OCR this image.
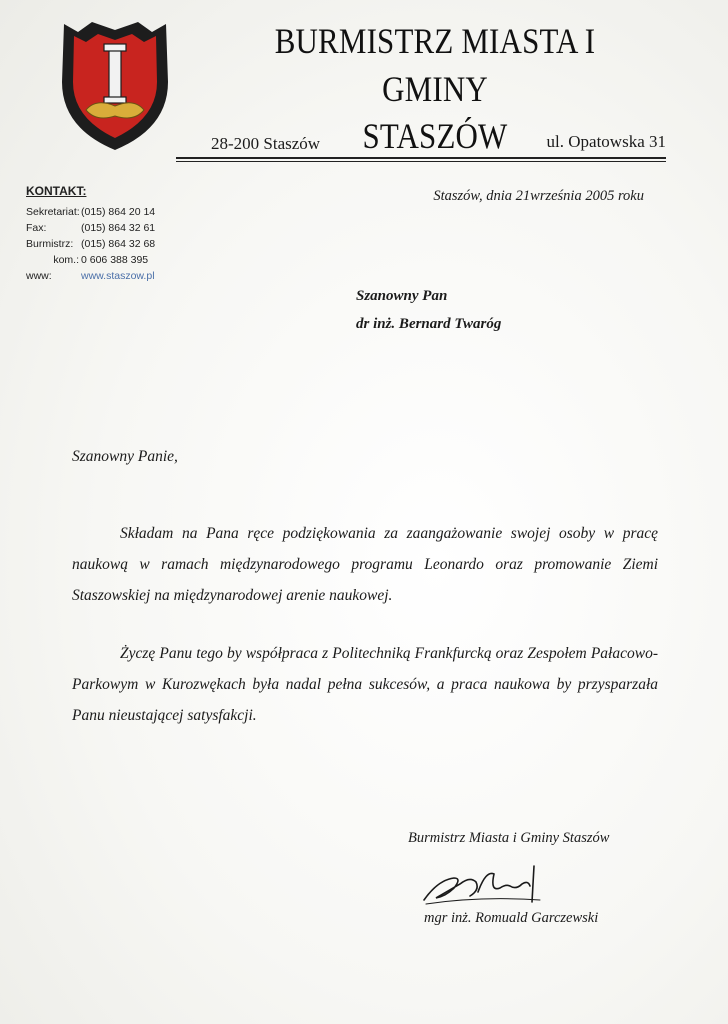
BURMISTRZ MIASTA I GMINY
STASZÓW
28-200 Staszów	ul. Opatowska 31
KONTAKT:
Sekretariat: (015) 864 20 14
Fax:	(015) 864 32 61
Burmistrz: (015) 864 32 68
kom.: 0 606 388 395
www:	www.staszow.pl
Staszów, dnia 21września 2005 roku
Szanowny Pan
dr inż. Bernard Twaróg
Szanowny Panie,
Składam na Pana ręce podziękowania za zaangażowanie swojej osoby w pracę naukową w ramach międzynarodowego programu Leonardo oraz promowanie Ziemi Staszowskiej na międzynarodowej arenie naukowej.
Życzę Panu tego by współpraca z Politechniką Frankfurcką oraz Zespołem Pałacowo- Parkowym w Kurozwękach była nadal pełna sukcesów, a praca naukowa by przysparzała Panu nieustającej satysfakcji.
Burmistrz Miasta i Gminy Staszów
mgr inż. Romuald Garczewski
